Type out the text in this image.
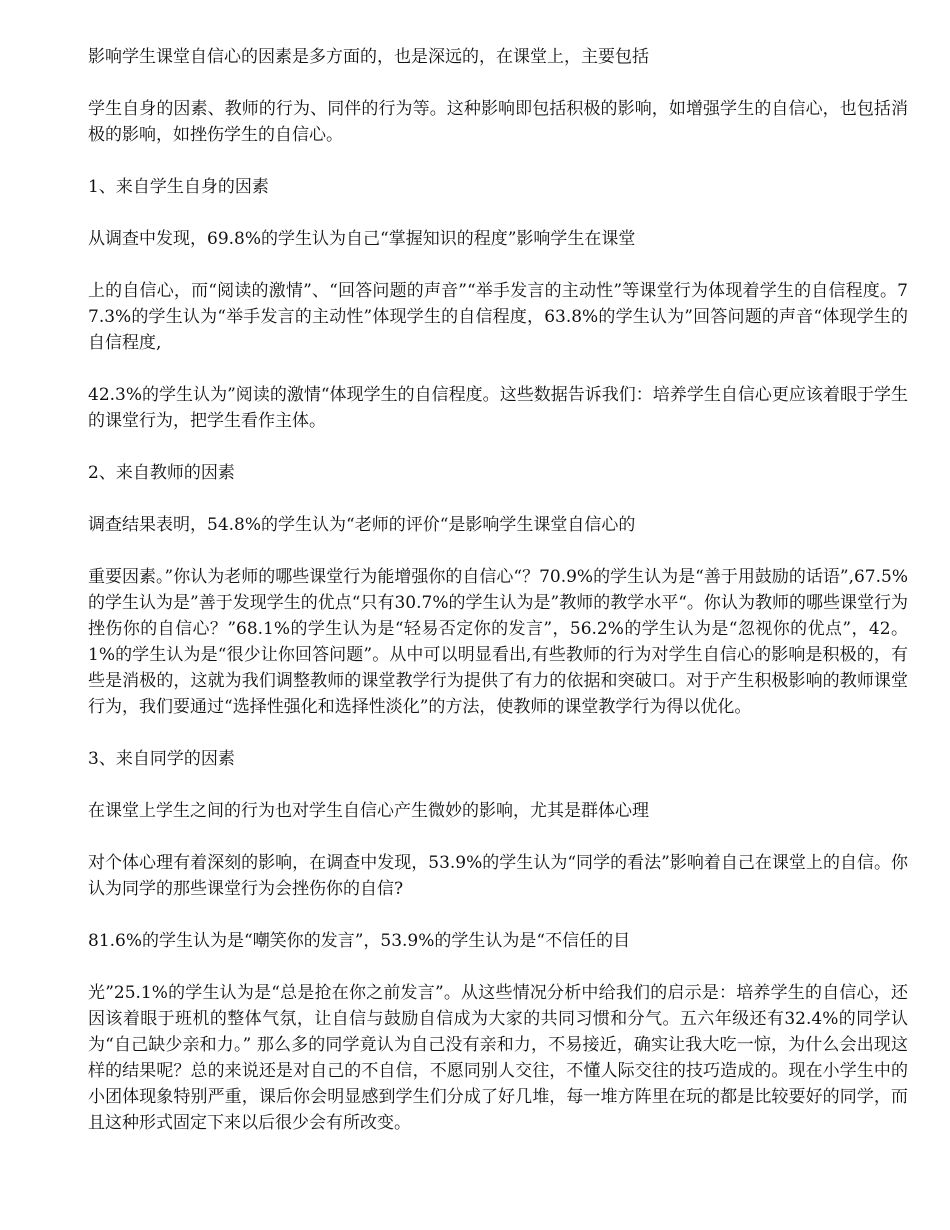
影响学生课堂自信心的因素是多方面的，也是深远的，在课堂上，主要包括

学生自身的因素、教师的行为、同伴的行为等。这种影响即包括积极的影响，如增强学生的自信心，也包括消极的影响，如挫伤学生的自信心。

1、来自学生自身的因素

从调查中发现，69.8%的学生认为自己“掌握知识的程度”影响学生在课堂

上的自信心，而“阅读的激情”、“回答问题的声音”“举手发言的主动性”等课堂行为体现着学生的自信程度。77.3%的学生认为“举手发言的主动性”体现学生的自信程度，63.8%的学生认为”回答问题的声音“体现学生的自信程度,

42.3%的学生认为”阅读的激情“体现学生的自信程度。这些数据告诉我们：培养学生自信心更应该着眼于学生的课堂行为，把学生看作主体。

2、来自教师的因素

调查结果表明，54.8%的学生认为“老师的评价“是影响学生课堂自信心的

重要因素。”你认为老师的哪些课堂行为能增强你的自信心“？70.9%的学生认为是“善于用鼓励的话语”,67.5%的学生认为是”善于发现学生的优点“只有30.7%的学生认为是”教师的教学水平“。你认为教师的哪些课堂行为挫伤你的自信心？”68.1%的学生认为是“轻易否定你的发言”，56.2%的学生认为是“忽视你的优点”，42。1%的学生认为是“很少让你回答问题”。从中可以明显看出,有些教师的行为对学生自信心的影响是积极的，有些是消极的，这就为我们调整教师的课堂教学行为提供了有力的依据和突破口。对于产生积极影响的教师课堂行为，我们要通过“选择性强化和选择性淡化”的方法，使教师的课堂教学行为得以优化。

3、来自同学的因素

在课堂上学生之间的行为也对学生自信心产生微妙的影响，尤其是群体心理

对个体心理有着深刻的影响，在调查中发现，53.9%的学生认为“同学的看法”影响着自己在课堂上的自信。你认为同学的那些课堂行为会挫伤你的自信?

81.6%的学生认为是“嘲笑你的发言”，53.9%的学生认为是“不信任的目

光”25.1%的学生认为是“总是抢在你之前发言”。从这些情况分析中给我们的启示是：培养学生的自信心，还因该着眼于班机的整体气氛，让自信与鼓励自信成为大家的共同习惯和分气。五六年级还有32.4%的同学认为“自己缺少亲和力。” 那么多的同学竟认为自己没有亲和力，不易接近，确实让我大吃一惊，为什么会出现这样的结果呢？总的来说还是对自己的不自信，不愿同别人交往，不懂人际交往的技巧造成的。现在小学生中的小团体现象特别严重，课后你会明显感到学生们分成了好几堆，每一堆方阵里在玩的都是比较要好的同学，而且这种形式固定下来以后很少会有所改变。
